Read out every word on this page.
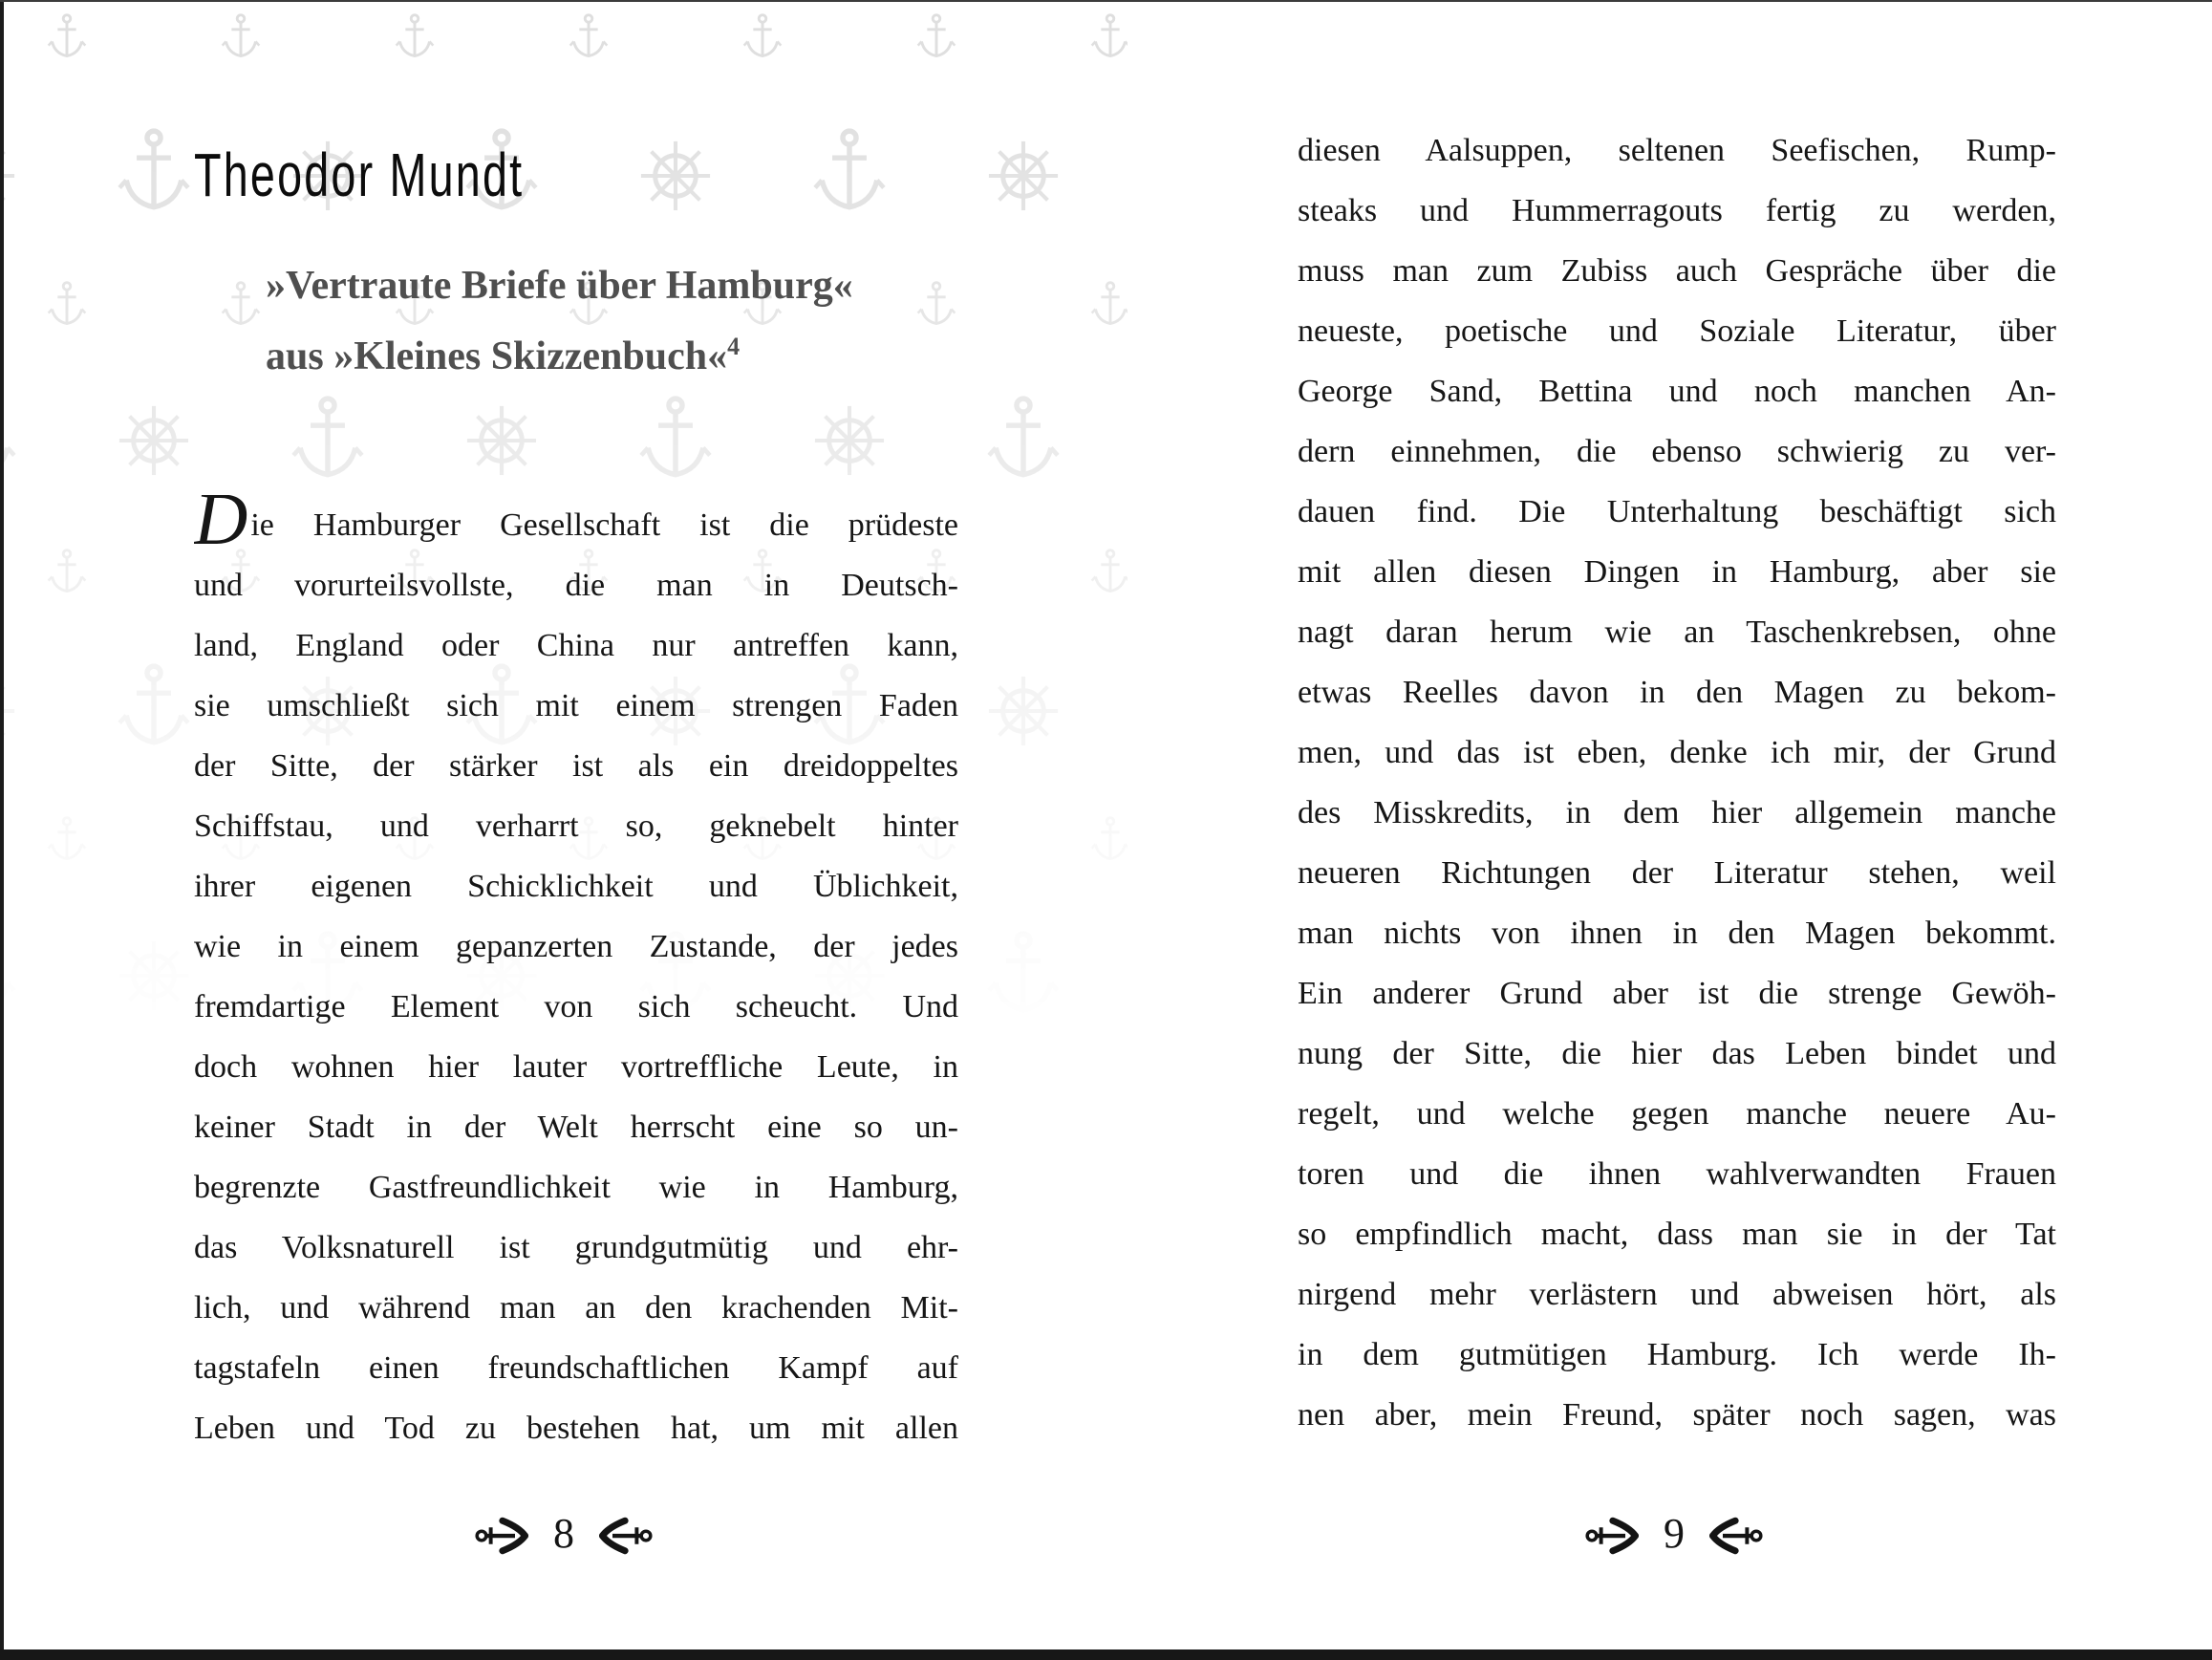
Theodor Mundt
»Vertraute Briefe über Hamburg«
aus »Kleines Skizzenbuch«$^4$
Die Hamburger Gesellschaft ist die prüdeste
und vorurteilsvollste, die man in Deutsch-
land, England oder China nur antreffen kann,
sie umschließt sich mit einem strengen Faden
der Sitte, der stärker ist als ein dreidoppeltes
Schiffstau, und verharrt so, geknebelt hinter
ihrer eigenen Schicklichkeit und Üblichkeit,
wie in einem gepanzerten Zustande, der jedes
fremdartige Element von sich scheucht. Und
doch wohnen hier lauter vortreffliche Leute, in
keiner Stadt in der Welt herrscht eine so un-
begrenzte Gastfreundlichkeit wie in Hamburg,
das Volksnaturell ist grundgutmütig und ehr-
lich, und während man an den krachenden Mit-
tagstafeln einen freundschaftlichen Kampf auf
Leben und Tod zu bestehen hat, um mit allen
8
diesen Aalsuppen, seltenen Seefischen, Rump-
steaks und Hummerragouts fertig zu werden,
muss man zum Zubiss auch Gespräche über die
neueste, poetische und Soziale Literatur, über
George Sand, Bettina und noch manchen An-
dern einnehmen, die ebenso schwierig zu ver-
dauen find. Die Unterhaltung beschäftigt sich
mit allen diesen Dingen in Hamburg, aber sie
nagt daran herum wie an Taschenkrebsen, ohne
etwas Reelles davon in den Magen zu bekom-
men, und das ist eben, denke ich mir, der Grund
des Misskredits, in dem hier allgemein manche
neueren Richtungen der Literatur stehen, weil
man nichts von ihnen in den Magen bekommt.
Ein anderer Grund aber ist die strenge Gewöh-
nung der Sitte, die hier das Leben bindet und
regelt, und welche gegen manche neuere Au-
toren und die ihnen wahlverwandten Frauen
so empfindlich macht, dass man sie in der Tat
nirgend mehr verlästern und abweisen hört, als
in dem gutmütigen Hamburg. Ich werde Ih-
nen aber, mein Freund, später noch sagen, was
9
